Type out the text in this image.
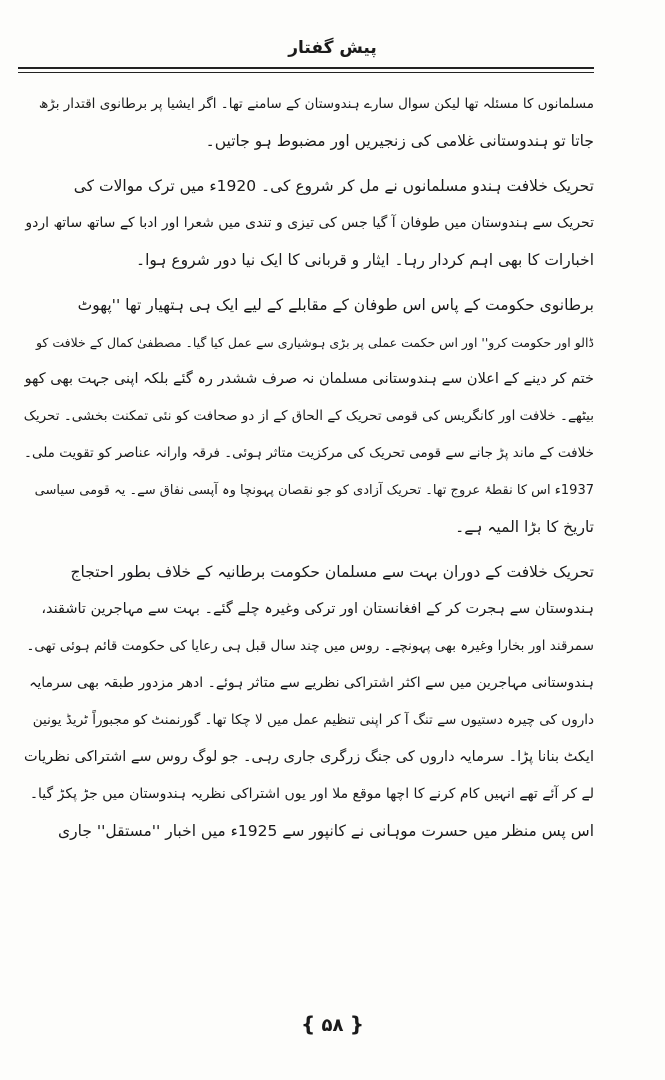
پیش گفتار
مسلمانوں کا مسئلہ تھا لیکن سوال سارے ہندوستان کے سامنے تھا۔ اگر ایشیا پر برطانوی اقتدار بڑھ
جاتا تو ہندوستانی غلامی کی زنجیریں اور مضبوط ہو جاتیں۔
تحریک خلافت ہندو مسلمانوں نے مل کر شروع کی۔ 1920ء میں ترک موالات کی
تحریک سے ہندوستان میں طوفان آ گیا جس کی تیزی و تندی میں شعرا اور ادبا کے ساتھ ساتھ اردو
اخبارات کا بھی اہم کردار رہا۔ ایثار و قربانی کا ایک نیا دور شروع ہوا۔
برطانوی حکومت کے پاس اس طوفان کے مقابلے کے لیے ایک ہی ہتھیار تھا ''پھوٹ
ڈالو اور حکومت کرو'' اور اس حکمت عملی پر بڑی ہوشیاری سے عمل کیا گیا۔ مصطفیٰ کمال کے خلافت کو
ختم کر دینے کے اعلان سے ہندوستانی مسلمان نہ صرف ششدر رہ گئے بلکہ اپنی جہت بھی کھو
بیٹھے۔ خلافت اور کانگریس کی قومی تحریک کے الحاق کے از دو صحافت کو نئی تمکنت بخشی۔ تحریک
خلافت کے ماند پڑ جانے سے قومی تحریک کی مرکزیت متاثر ہوئی۔ فرقہ وارانہ عناصر کو تقویت ملی۔
1937ء اس کا نقطۂ عروج تھا۔ تحریک آزادی کو جو نقصان پہونچا وہ آپسی نفاق سے۔ یہ قومی سیاسی
تاریخ کا بڑا المیہ ہے۔
تحریک خلافت کے دوران بہت سے مسلمان حکومت برطانیہ کے خلاف بطور احتجاج
ہندوستان سے ہجرت کر کے افغانستان اور ترکی وغیرہ چلے گئے۔ بہت سے مہاجرین تاشقند،
سمرقند اور بخارا وغیرہ بھی پہونچے۔ روس میں چند سال قبل ہی رعایا کی حکومت قائم ہوئی تھی۔
ہندوستانی مہاجرین میں سے اکثر اشتراکی نظریے سے متاثر ہوئے۔ ادھر مزدور طبقہ بھی سرمایہ
داروں کی چیرہ دستیوں سے تنگ آ کر اپنی تنظیم عمل میں لا چکا تھا۔ گورنمنٹ کو مجبوراً ٹریڈ یونین
ایکٹ بنانا پڑا۔ سرمایہ داروں کی جنگ زرگری جاری رہی۔ جو لوگ روس سے اشتراکی نظریات
لے کر آئے تھے انہیں کام کرنے کا اچھا موقع ملا اور یوں اشتراکی نظریہ ہندوستان میں جڑ پکڑ گیا۔
اس پس منظر میں حسرت موہانی نے کانپور سے 1925ء میں اخبار ''مستقل'' جاری
{ ۵۸ }
